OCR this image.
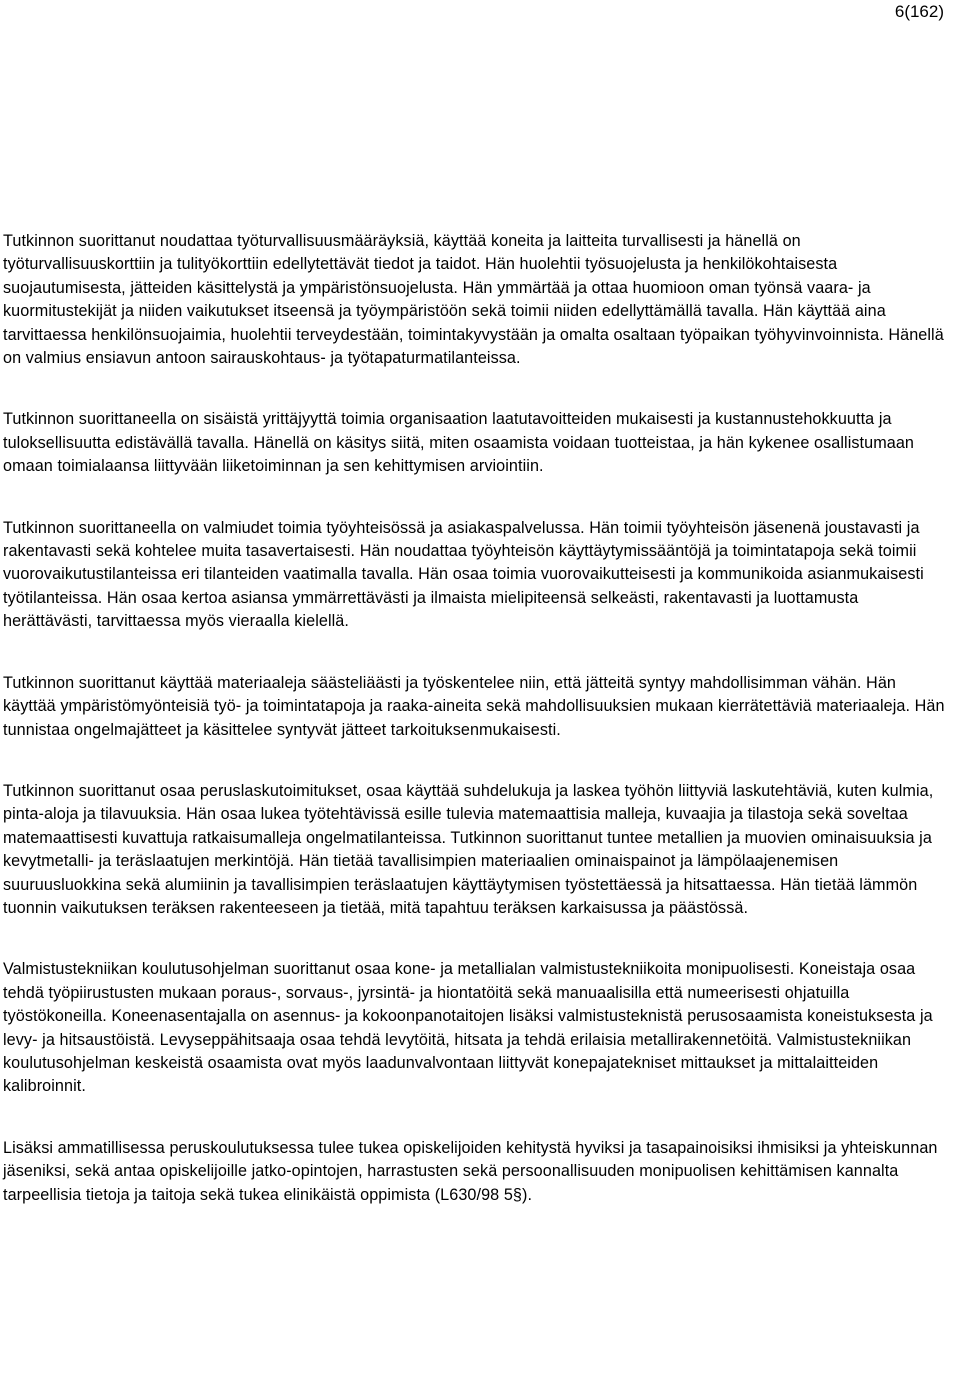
6(162)

Tutkinnon suorittanut noudattaa työturvallisuusmääräyksiä, käyttää koneita ja laitteita turvallisesti ja hänellä on työturvallisuuskorttiin ja tulityökorttiin edellytettävät tiedot ja taidot. Hän huolehtii työsuojelusta ja henkilökohtaisesta suojautumisesta, jätteiden käsittelystä ja ympäristönsuojelusta. Hän ymmärtää ja ottaa huomioon oman työnsä vaara- ja kuormitustekijät ja niiden vaikutukset itseensä ja työympäristöön sekä toimii niiden edellyttämällä tavalla. Hän käyttää aina tarvittaessa henkilönsuojaimia, huolehtii terveydestään, toimintakyvystään ja omalta osaltaan työpaikan työhyvinvoinnista. Hänellä on valmius ensiavun antoon sairauskohtaus- ja työtapaturmatilanteissa.

Tutkinnon suorittaneella on sisäistä yrittäjyyttä toimia organisaation laatutavoitteiden mukaisesti ja kustannustehokkuutta ja tuloksellisuutta edistävällä tavalla. Hänellä on käsitys siitä, miten osaamista voidaan tuotteistaa, ja hän kykenee osallistumaan omaan toimialaansa liittyvään liiketoiminnan ja sen kehittymisen arviointiin.

Tutkinnon suorittaneella on valmiudet toimia työyhteisössä ja asiakaspalvelussa. Hän toimii työyhteisön jäsenenä joustavasti ja rakentavasti sekä kohtelee muita tasavertaisesti. Hän noudattaa työyhteisön käyttäytymissääntöjä ja toimintatapoja sekä toimii vuorovaikutustilanteissa eri tilanteiden vaatimalla tavalla. Hän osaa toimia vuorovaikutteisesti ja kommunikoida asianmukaisesti työtilanteissa. Hän osaa kertoa asiansa ymmärrettävästi ja ilmaista mielipiteensä selkeästi, rakentavasti ja luottamusta herättävästi, tarvittaessa myös vieraalla kielellä.

Tutkinnon suorittanut käyttää materiaaleja säästeliäästi ja työskentelee niin, että jätteitä syntyy mahdollisimman vähän. Hän käyttää ympäristömyönteisiä työ- ja toimintatapoja ja raaka-aineita sekä mahdollisuuksien mukaan kierrätettäviä materiaaleja. Hän tunnistaa ongelmajätteet ja käsittelee syntyvät jätteet tarkoituksenmukaisesti.

Tutkinnon suorittanut osaa peruslaskutoimitukset, osaa käyttää suhdelukuja ja laskea työhön liittyviä laskutehtäviä, kuten kulmia, pinta-aloja ja tilavuuksia. Hän osaa lukea työtehtävissä esille tulevia matemaattisia malleja, kuvaajia ja tilastoja sekä soveltaa matemaattisesti kuvattuja ratkaisumalleja ongelmatilanteissa. Tutkinnon suorittanut tuntee metallien ja muovien ominaisuuksia ja kevytmetalli- ja teräslaatujen merkintöjä. Hän tietää tavallisimpien materiaalien ominaispainot ja lämpölaajenemisen suuruusluokkina sekä alumiinin ja tavallisimpien teräslaatujen käyttäytymisen työstettäessä ja hitsattaessa. Hän tietää lämmön tuonnin vaikutuksen teräksen rakenteeseen ja tietää, mitä tapahtuu teräksen karkaisussa ja päästössä.

Valmistustekniikan koulutusohjelman suorittanut osaa kone- ja metallialan valmistustekniikoita monipuolisesti. Koneistaja osaa tehdä työpiirustusten mukaan poraus-, sorvaus-, jyrsintä- ja hiontatöitä sekä manuaalisilla että numeerisesti ohjatuilla työstökoneilla. Koneenasentajalla on asennus- ja kokoonpanotaitojen lisäksi valmistusteknistä perusosaamista koneistuksesta ja levy- ja hitsaustöistä. Levyseppähitsaaja osaa tehdä levytöitä, hitsata ja tehdä erilaisia metallirakennetöitä. Valmistustekniikan koulutusohjelman keskeistä osaamista ovat myös laadunvalvontaan liittyvät konepajatekniset mittaukset ja mittalaitteiden kalibroinnit.

Lisäksi ammatillisessa peruskoulutuksessa tulee tukea opiskelijoiden kehitystä hyviksi ja tasapainoisiksi ihmisiksi ja yhteiskunnan jäseniksi, sekä antaa opiskelijoille jatko-opintojen, harrastusten sekä persoonallisuuden monipuolisen kehittämisen kannalta tarpeellisia tietoja ja taitoja sekä tukea elinikäistä oppimista (L630/98 5§).
